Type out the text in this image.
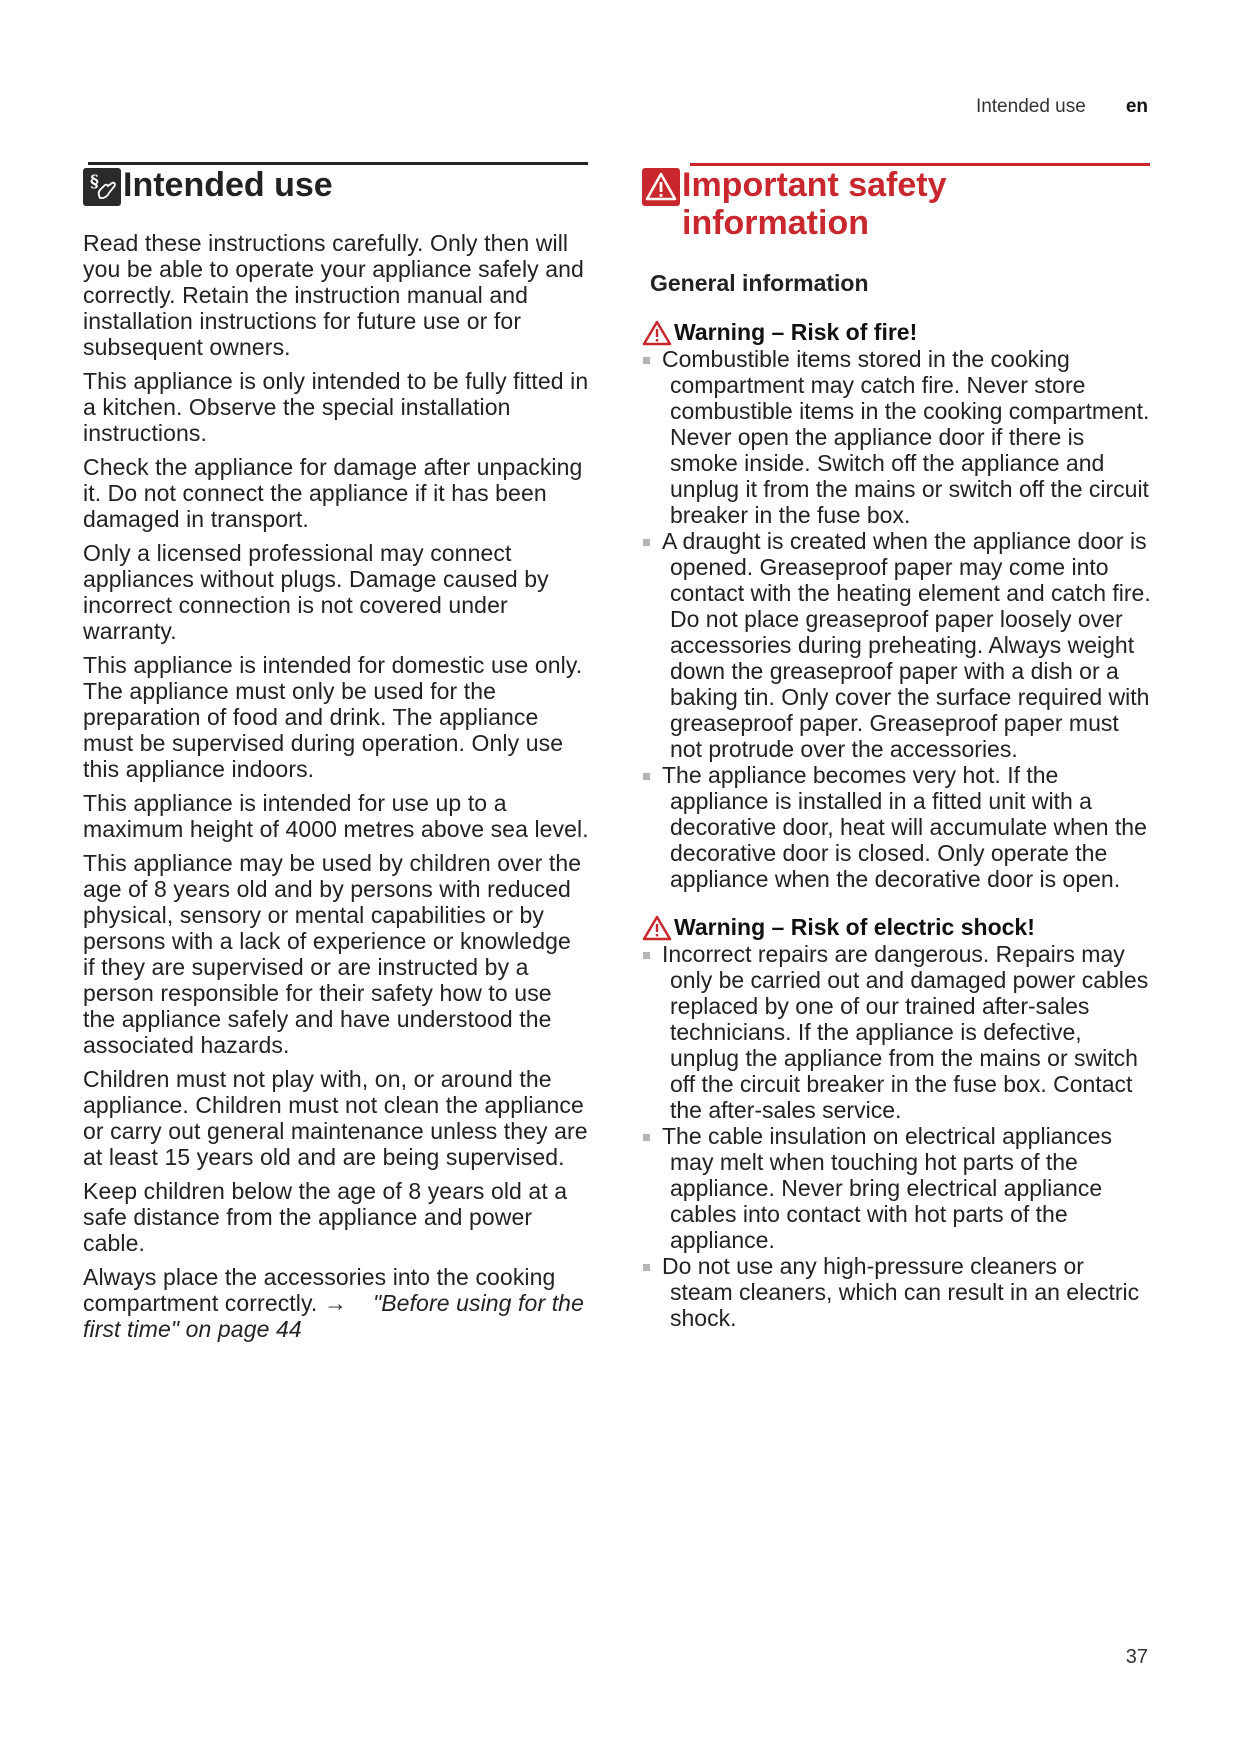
Intended use en
§ Intended use

Read these instructions carefully. Only then will you be able to operate your appliance safely and correctly. Retain the instruction manual and installation instructions for future use or for subsequent owners.

This appliance is only intended to be fully fitted in a kitchen. Observe the special installation instructions.

Check the appliance for damage after unpacking it. Do not connect the appliance if it has been damaged in transport.

Only a licensed professional may connect appliances without plugs. Damage caused by incorrect connection is not covered under warranty.

This appliance is intended for domestic use only. The appliance must only be used for the preparation of food and drink. The appliance must be supervised during operation. Only use this appliance indoors.

This appliance is intended for use up to a maximum height of 4000 metres above sea level.

This appliance may be used by children over the age of 8 years old and by persons with reduced physical, sensory or mental capabilities or by persons with a lack of experience or knowledge if they are supervised or are instructed by a person responsible for their safety how to use the appliance safely and have understood the associated hazards.

Children must not play with, on, or around the appliance. Children must not clean the appliance or carry out general maintenance unless they are at least 15 years old and are being supervised.

Keep children below the age of 8 years old at a safe distance from the appliance and power cable.

Always place the accessories into the cooking compartment correctly. → "Before using for the first time" on page 44

Important safety
information
General information
Warning – Risk of fire!
Combustible items stored in the cooking compartment may catch fire. Never store combustible items in the cooking compartment. Never open the appliance door if there is smoke inside. Switch off the appliance and unplug it from the mains or switch off the circuit breaker in the fuse box.
A draught is created when the appliance door is opened. Greaseproof paper may come into contact with the heating element and catch fire. Do not place greaseproof paper loosely over accessories during preheating. Always weight down the greaseproof paper with a dish or a baking tin. Only cover the surface required with greaseproof paper. Greaseproof paper must not protrude over the accessories.
The appliance becomes very hot. If the appliance is installed in a fitted unit with a decorative door, heat will accumulate when the decorative door is closed. Only operate the appliance when the decorative door is open.
Warning – Risk of electric shock!
Incorrect repairs are dangerous. Repairs may only be carried out and damaged power cables replaced by one of our trained after-sales technicians. If the appliance is defective, unplug the appliance from the mains or switch off the circuit breaker in the fuse box. Contact the after-sales service.
The cable insulation on electrical appliances may melt when touching hot parts of the appliance. Never bring electrical appliance cables into contact with hot parts of the appliance.
Do not use any high-pressure cleaners or steam cleaners, which can result in an electric shock.
37
